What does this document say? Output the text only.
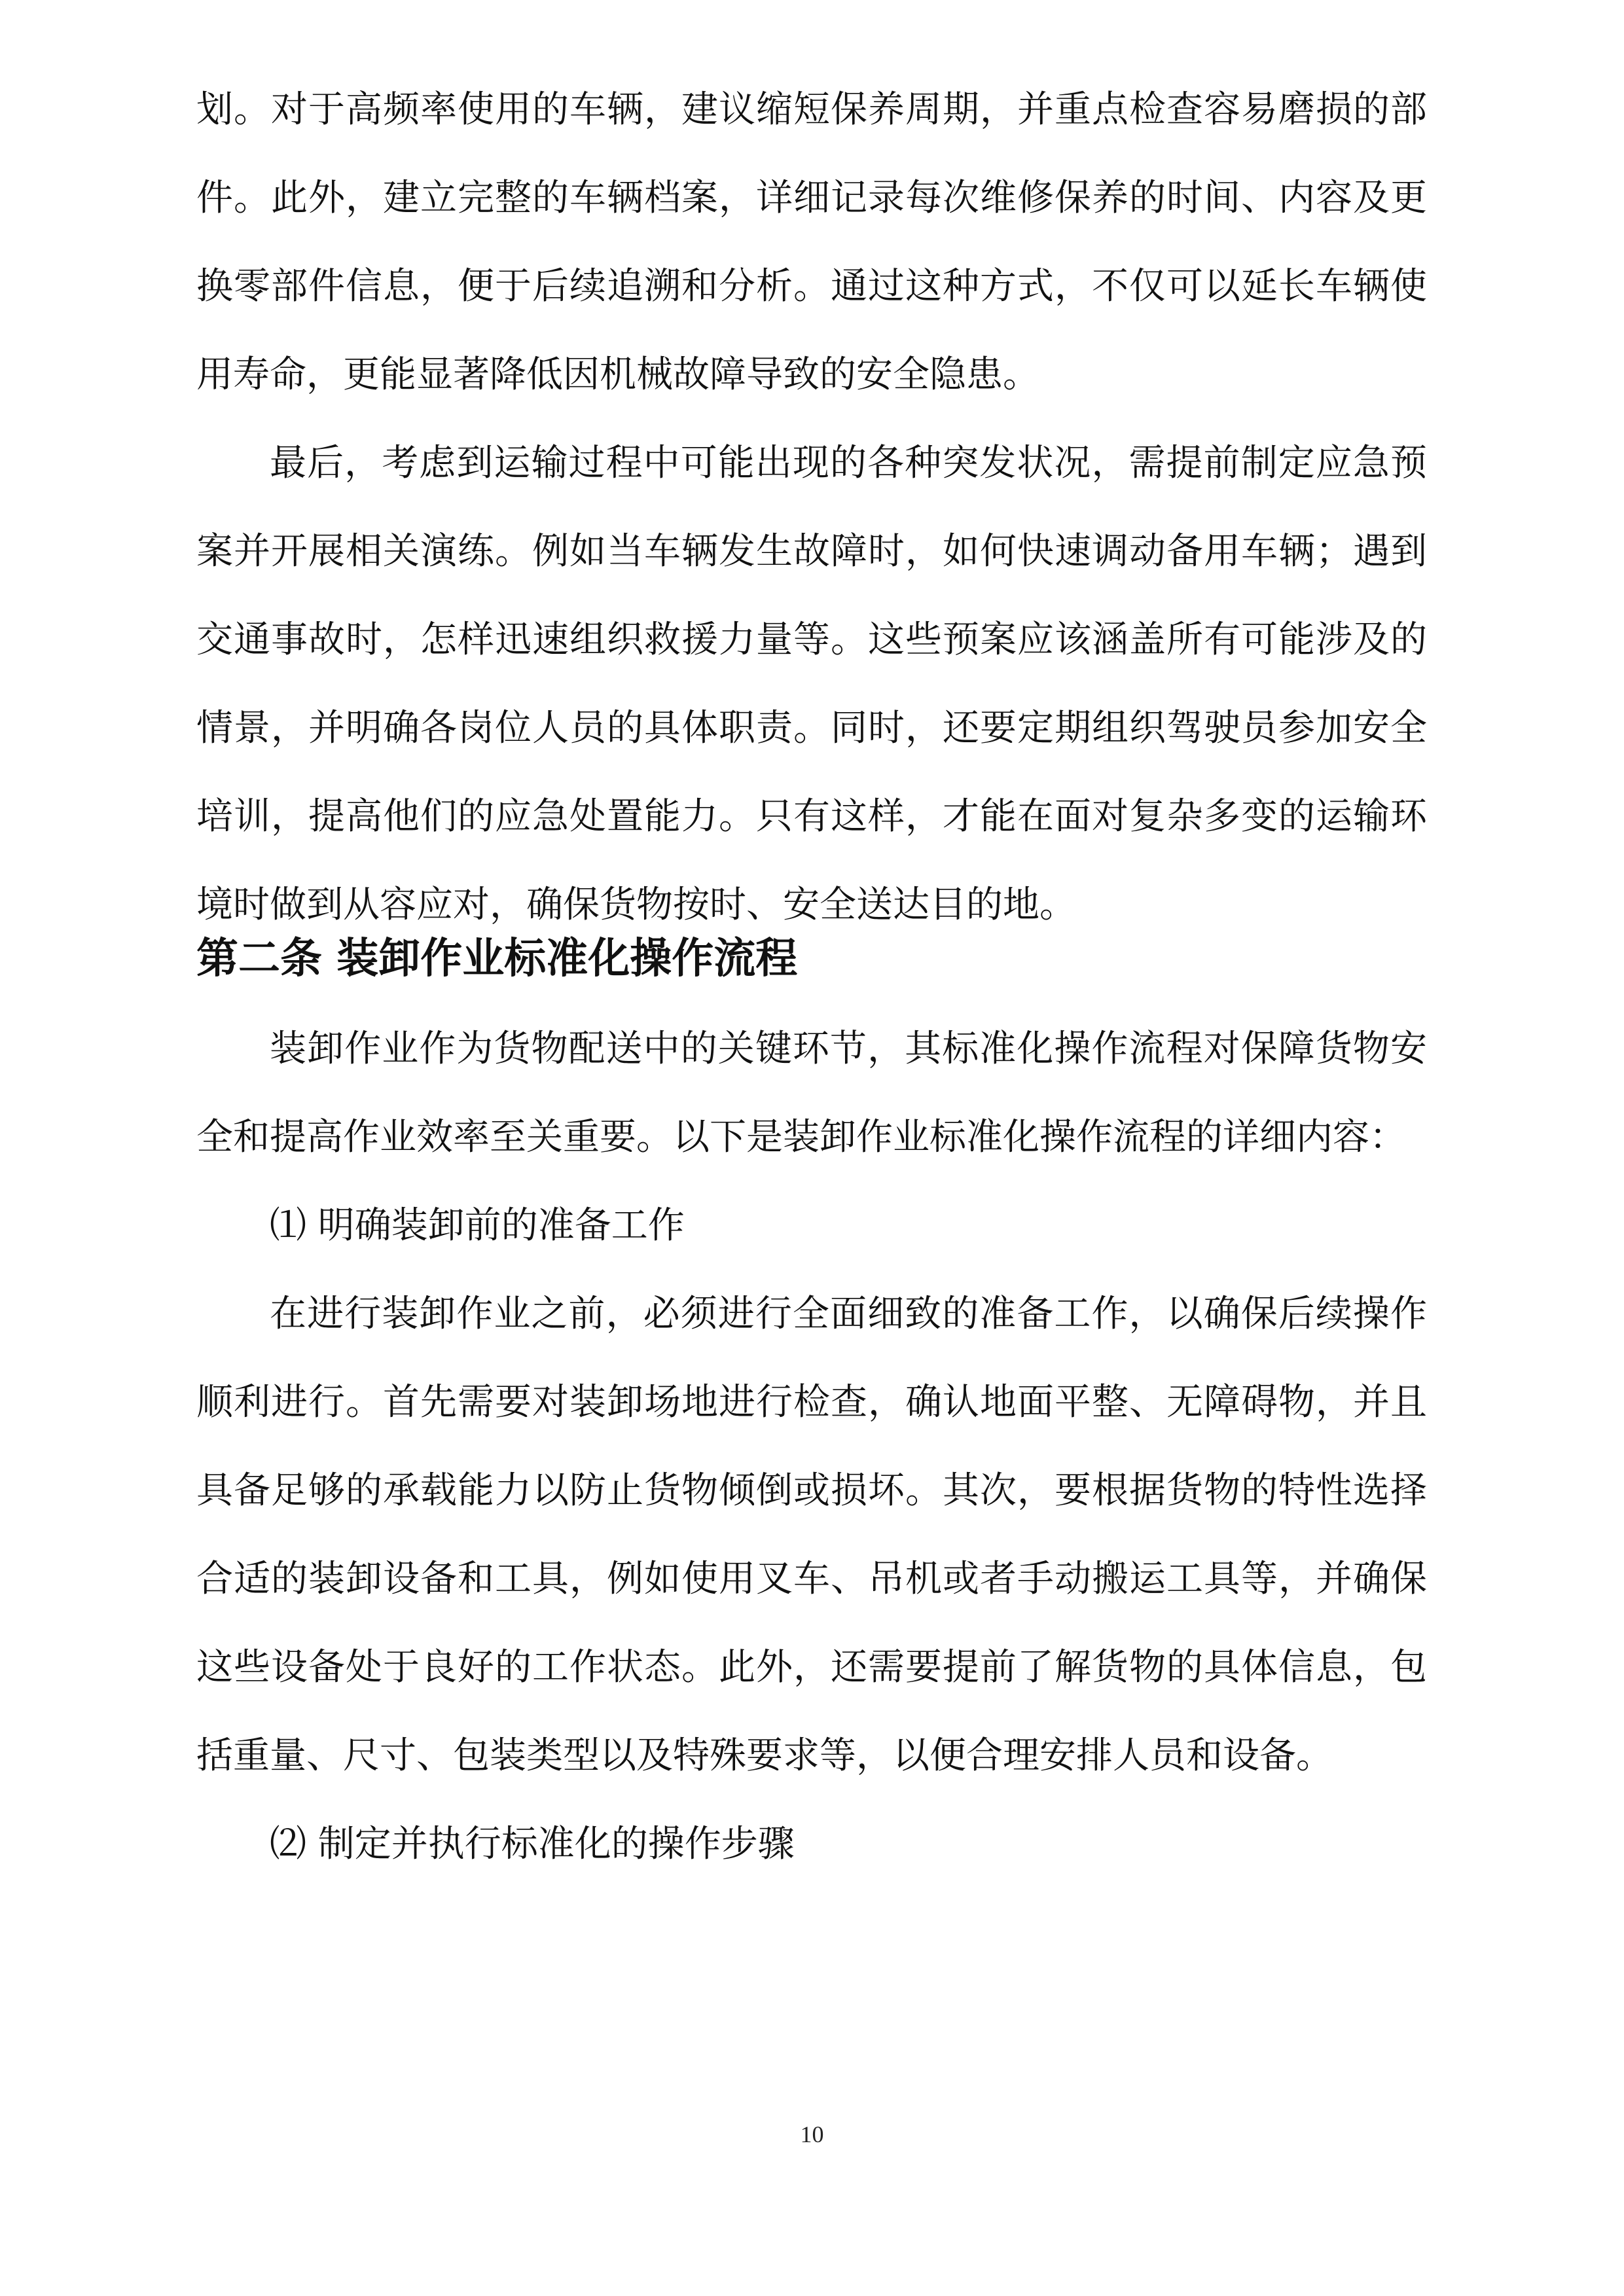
划。对于高频率使用的车辆，建议缩短保养周期，并重点检查容易磨损的部件。此外，建立完整的车辆档案，详细记录每次维修保养的时间、内容及更换零部件信息，便于后续追溯和分析。通过这种方式，不仅可以延长车辆使用寿命，更能显著降低因机械故障导致的安全隐患。

最后，考虑到运输过程中可能出现的各种突发状况，需提前制定应急预案并开展相关演练。例如当车辆发生故障时，如何快速调动备用车辆；遇到交通事故时，怎样迅速组织救援力量等。这些预案应该涵盖所有可能涉及的情景，并明确各岗位人员的具体职责。同时，还要定期组织驾驶员参加安全培训，提高他们的应急处置能力。只有这样，才能在面对复杂多变的运输环境时做到从容应对，确保货物按时、安全送达目的地。

第二条 装卸作业标准化操作流程

装卸作业作为货物配送中的关键环节，其标准化操作流程对保障货物安全和提高作业效率至关重要。以下是装卸作业标准化操作流程的详细内容：

⑴ 明确装卸前的准备工作

在进行装卸作业之前，必须进行全面细致的准备工作，以确保后续操作顺利进行。首先需要对装卸场地进行检查，确认地面平整、无障碍物，并且具备足够的承载能力以防止货物倾倒或损坏。其次，要根据货物的特性选择合适的装卸设备和工具，例如使用叉车、吊机或者手动搬运工具等，并确保这些设备处于良好的工作状态。此外，还需要提前了解货物的具体信息，包括重量、尺寸、包装类型以及特殊要求等，以便合理安排人员和设备。

⑵ 制定并执行标准化的操作步骤

10
